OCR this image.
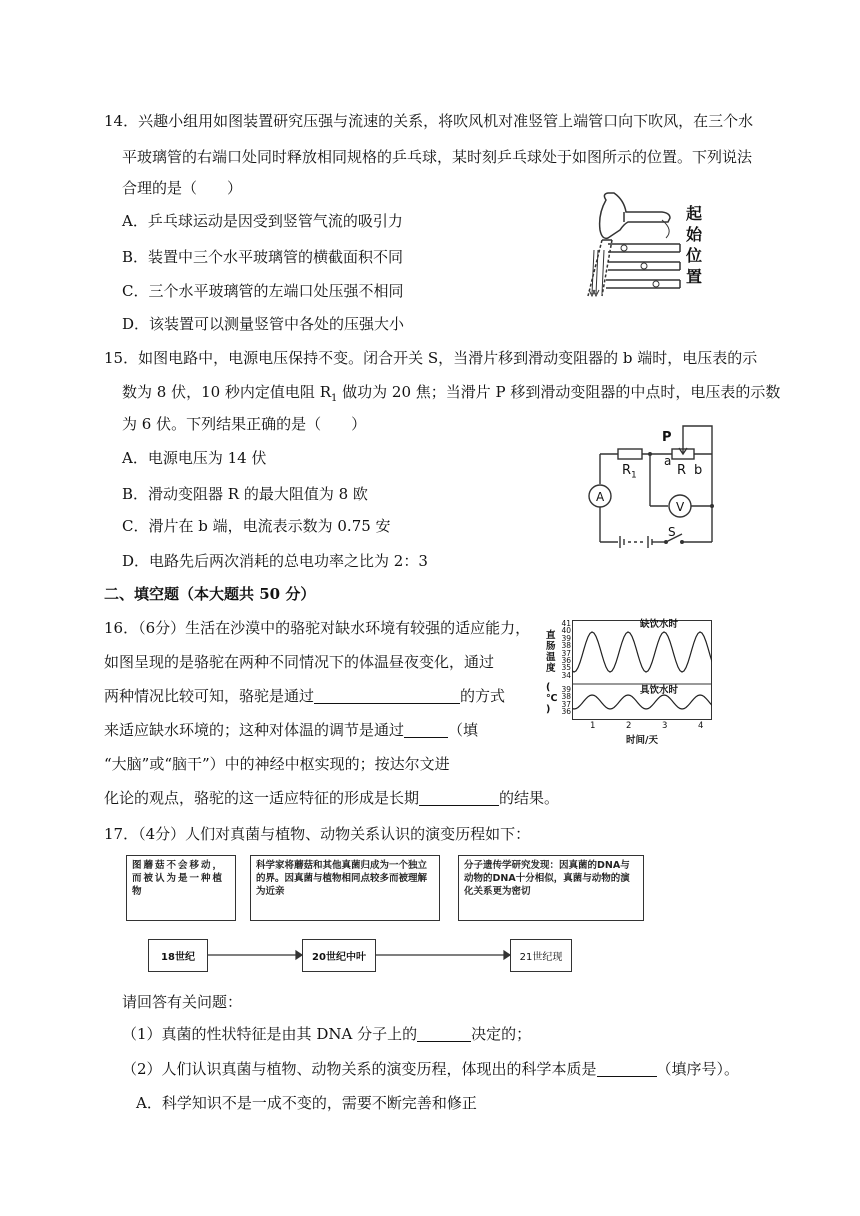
14．兴趣小组用如图装置研究压强与流速的关系，将吹风机对准竖管上端管口向下吹风，在三个水
平玻璃管的右端口处同时释放相同规格的乒乓球，某时刻乒乓球处于如图所示的位置。下列说法
合理的是（　　）
A．乒乓球运动是因受到竖管气流的吸引力
B．装置中三个水平玻璃管的横截面积不同
C．三个水平玻璃管的左端口处压强不相同
D．该装置可以测量竖管中各处的压强大小
起
始
位
置
15．如图电路中，电源电压保持不变。闭合开关 S，当滑片移到滑动变阻器的 b 端时，电压表的示
数为 8 伏，10 秒内定值电阻 $R_1$ 做功为 20 焦；当滑片 P 移到滑动变阻器的中点时，电压表的示数
为 6 伏。下列结果正确的是（　　）
A．电源电压为 14 伏
B．滑动变阻器 R 的最大阻值为 8 欧
C．滑片在 b 端，电流表示数为 0.75 安
D．电路先后两次消耗的总电功率之比为 2：3
P
$R_1$
a
R b
A
V
S
二、填空题（本大题共 50 分）
16．（6分）生活在沙漠中的骆驼对缺水环境有较强的适应能力，
如图呈现的是骆驼在两种不同情况下的体温昼夜变化，通过
两种情况比较可知，骆驼是通过	的方式
来适应缺水环境的；这种对体温的调节是通过	（填
“大脑”或“脑干”）中的神经中枢实现的；按达尔文进
化论的观点，骆驼的这一适应特征的形成是长期	的结果。
直
肠
温
度
(
℃
)
41
40
39
38
37
36
35
34
39
38
37
36
缺饮水时
具饮水时
1	2	3	4
时间/天
17．（4分）人们对真菌与植物、动物关系认识的演变历程如下：
图蘑菇不会移动，而被认为是一种植物
科学家将蘑菇和其他真菌归成为一个独立的界。因真菌与植物相同点较多而被理解为近亲
分子遗传学研究发现：因真菌的DNA与动物的DNA十分相似，真菌与动物的演化关系更为密切
18世纪	20世纪中叶	21世纪现
请回答有关问题：
（1）真菌的性状特征是由其 DNA 分子上的	决定的；
（2）人们认识真菌与植物、动物关系的演变历程，体现出的科学本质是	（填序号）。
A．科学知识不是一成不变的，需要不断完善和修正
